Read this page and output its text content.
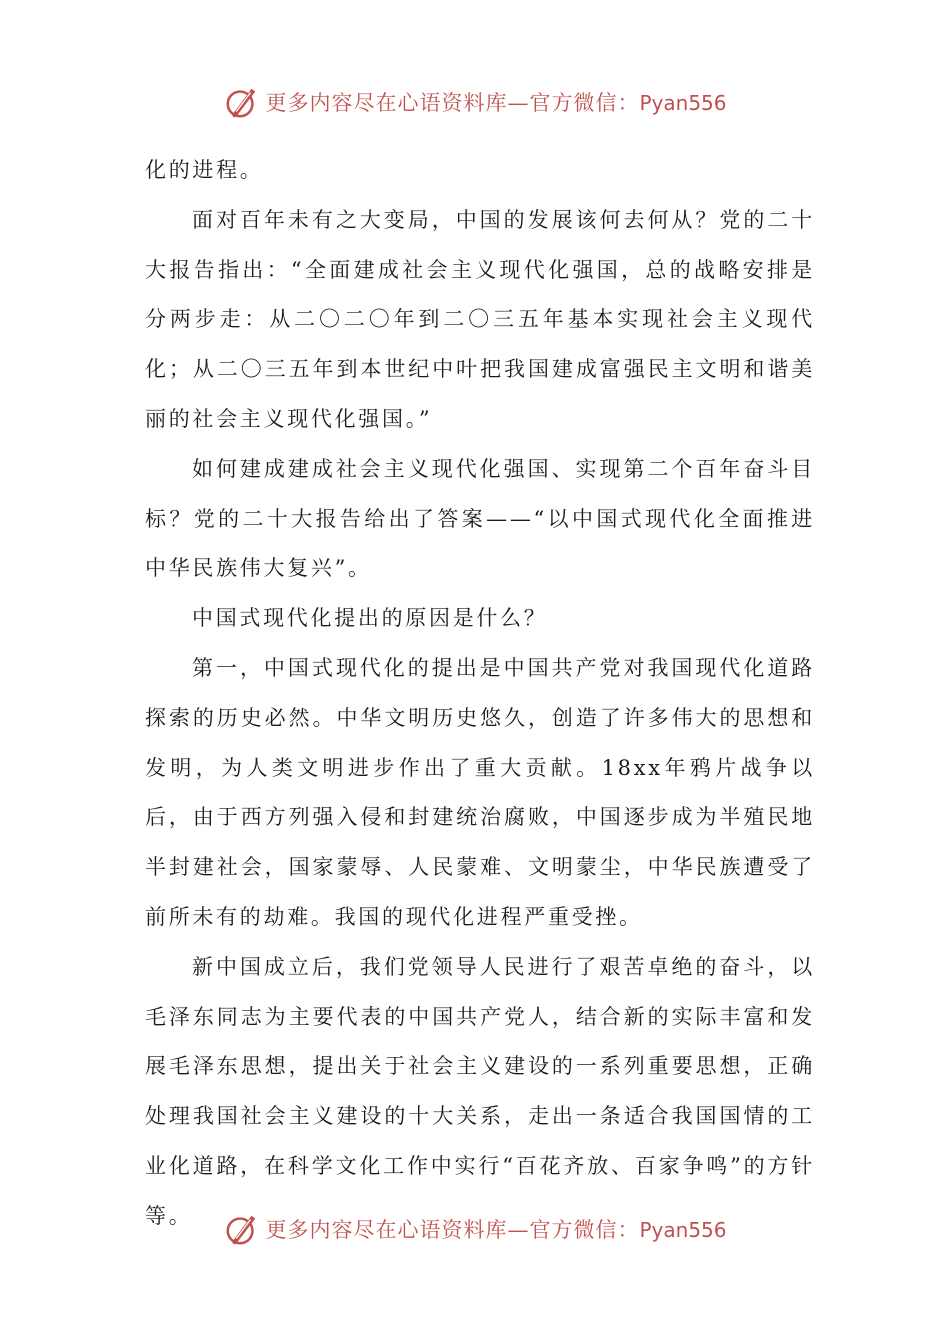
更多内容尽在心语资料库—官方微信：Pyan556

化的进程。

面对百年未有之大变局，中国的发展该何去何从？党的二十大报告指出：“全面建成社会主义现代化强国，总的战略安排是分两步走：从二〇二〇年到二〇三五年基本实现社会主义现代化；从二〇三五年到本世纪中叶把我国建成富强民主文明和谐美丽的社会主义现代化强国。”

如何建成建成社会主义现代化强国、实现第二个百年奋斗目标？党的二十大报告给出了答案——“以中国式现代化全面推进中华民族伟大复兴”。

中国式现代化提出的原因是什么？

第一，中国式现代化的提出是中国共产党对我国现代化道路探索的历史必然。中华文明历史悠久，创造了许多伟大的思想和发明，为人类文明进步作出了重大贡献。18xx年鸦片战争以后，由于西方列强入侵和封建统治腐败，中国逐步成为半殖民地半封建社会，国家蒙辱、人民蒙难、文明蒙尘，中华民族遭受了前所未有的劫难。我国的现代化进程严重受挫。

新中国成立后，我们党领导人民进行了艰苦卓绝的奋斗，以毛泽东同志为主要代表的中国共产党人，结合新的实际丰富和发展毛泽东思想，提出关于社会主义建设的一系列重要思想，正确处理我国社会主义建设的十大关系，走出一条适合我国国情的工业化道路，在科学文化工作中实行“百花齐放、百家争鸣”的方针等。

更多内容尽在心语资料库—官方微信：Pyan556
